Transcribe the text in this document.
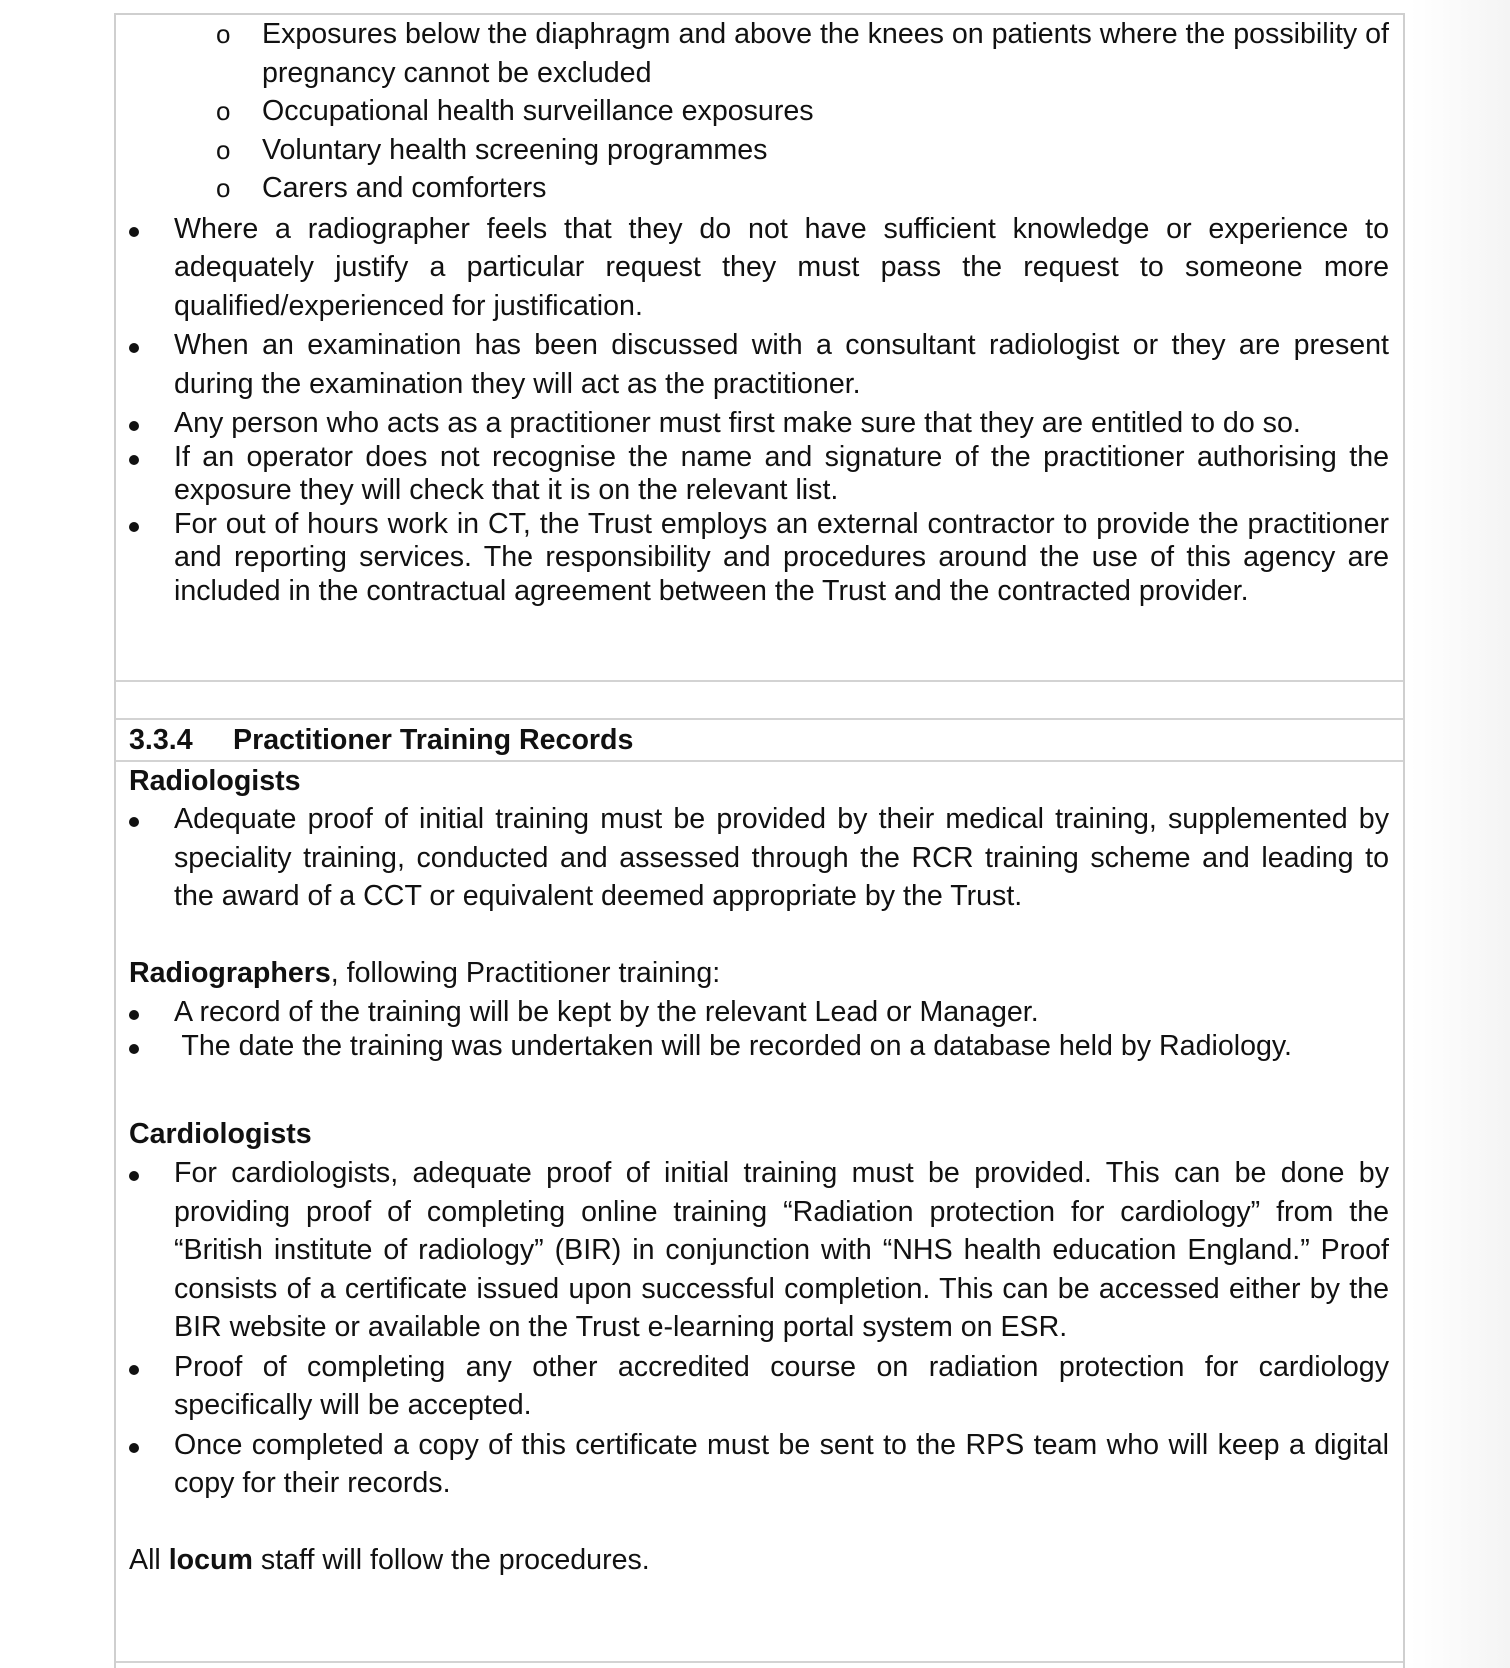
o Exposures below the diaphragm and above the knees on patients where the possibility of pregnancy cannot be excluded
o Occupational health surveillance exposures
o Voluntary health screening programmes
o Carers and comforters
Where a radiographer feels that they do not have sufficient knowledge or experience to adequately justify a particular request they must pass the request to someone more qualified/experienced for justification.
When an examination has been discussed with a consultant radiologist or they are present during the examination they will act as the practitioner.
Any person who acts as a practitioner must first make sure that they are entitled to do so.
If an operator does not recognise the name and signature of the practitioner authorising the exposure they will check that it is on the relevant list.
For out of hours work in CT, the Trust employs an external contractor to provide the practitioner and reporting services. The responsibility and procedures around the use of this agency are included in the contractual agreement between the Trust and the contracted provider.
3.3.4 Practitioner Training Records
Radiologists
Adequate proof of initial training must be provided by their medical training, supplemented by speciality training, conducted and assessed through the RCR training scheme and leading to the award of a CCT or equivalent deemed appropriate by the Trust.
Radiographers, following Practitioner training:
A record of the training will be kept by the relevant Lead or Manager.
The date the training was undertaken will be recorded on a database held by Radiology.
Cardiologists
For cardiologists, adequate proof of initial training must be provided. This can be done by providing proof of completing online training “Radiation protection for cardiology” from the “British institute of radiology” (BIR) in conjunction with “NHS health education England.” Proof consists of a certificate issued upon successful completion. This can be accessed either by the BIR website or available on the Trust e-learning portal system on ESR.
Proof of completing any other accredited course on radiation protection for cardiology specifically will be accepted.
Once completed a copy of this certificate must be sent to the RPS team who will keep a digital copy for their records.
All locum staff will follow the procedures.
